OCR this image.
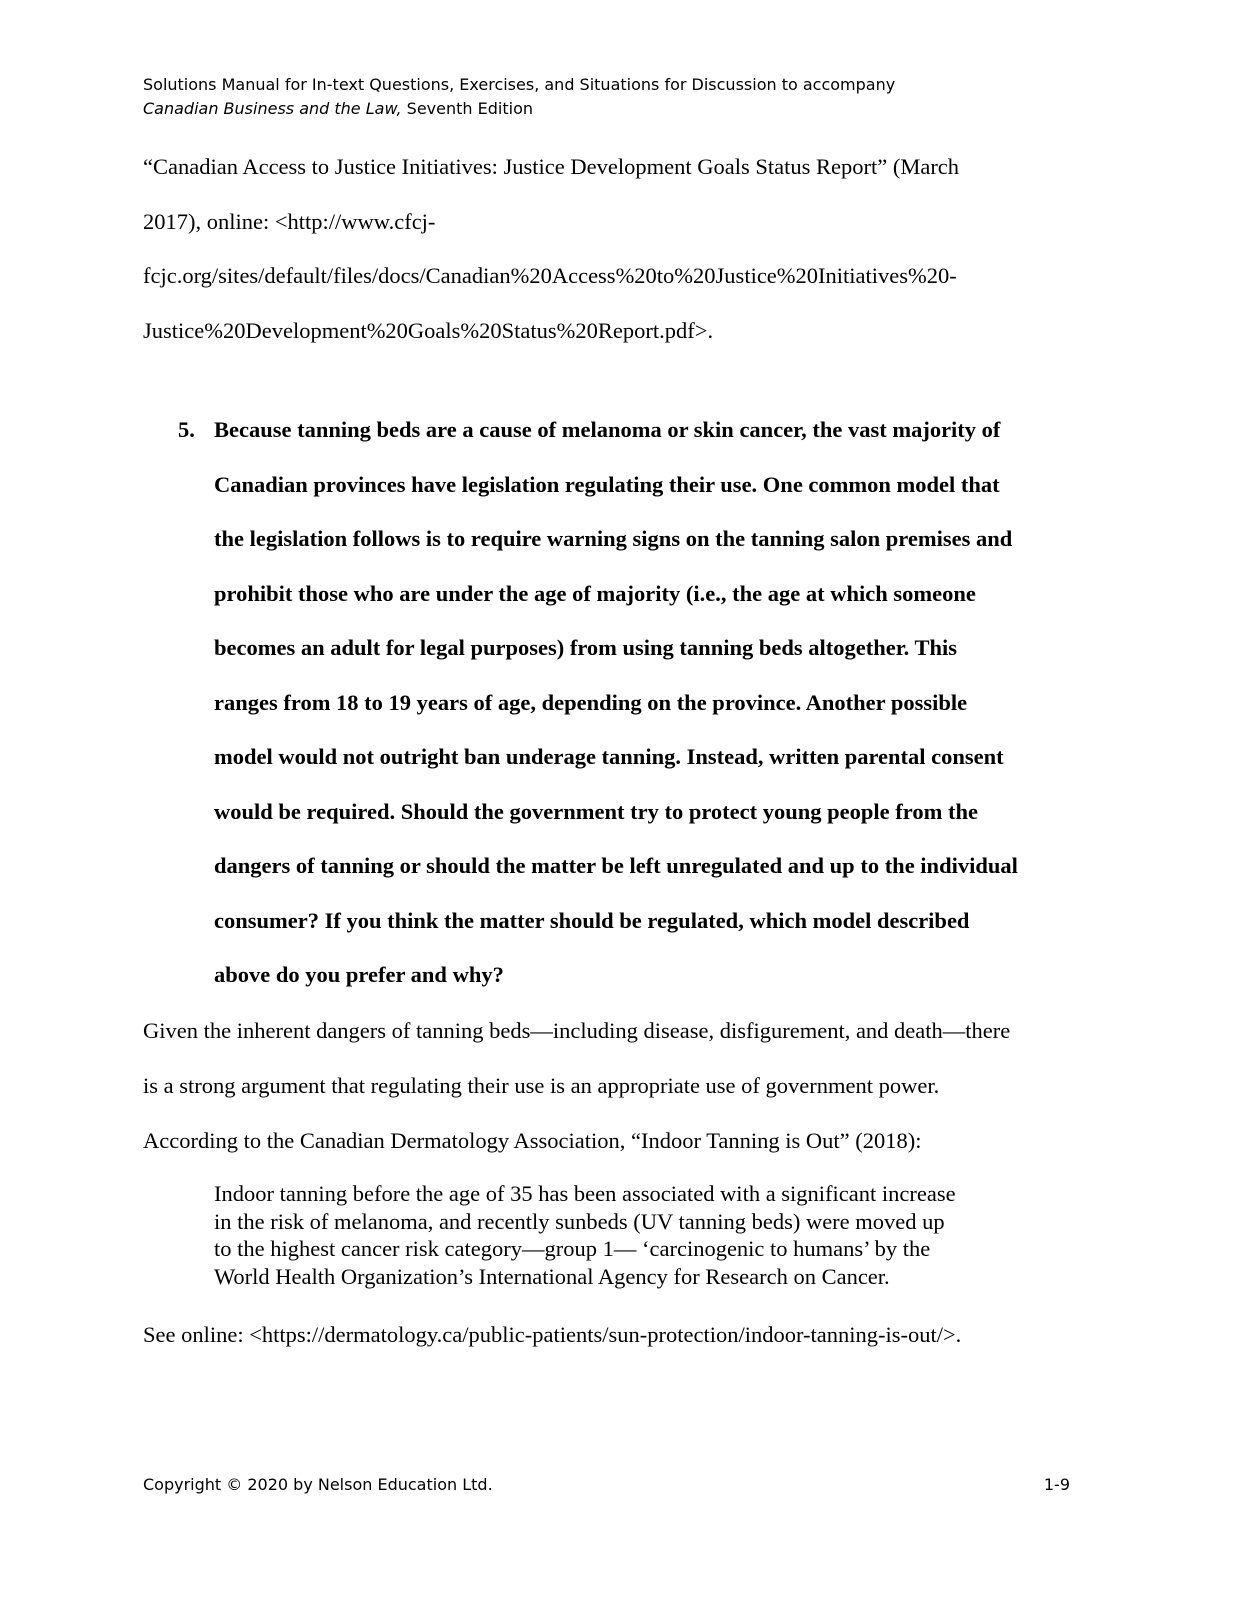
Solutions Manual for In-text Questions, Exercises, and Situations for Discussion to accompany
Canadian Business and the Law, Seventh Edition
“Canadian Access to Justice Initiatives: Justice Development Goals Status Report” (March
2017), online: <http://www.cfcj-
fcjc.org/sites/default/files/docs/Canadian%20Access%20to%20Justice%20Initiatives%20-
Justice%20Development%20Goals%20Status%20Report.pdf>.
5. Because tanning beds are a cause of melanoma or skin cancer, the vast majority of
Canadian provinces have legislation regulating their use. One common model that
the legislation follows is to require warning signs on the tanning salon premises and
prohibit those who are under the age of majority (i.e., the age at which someone
becomes an adult for legal purposes) from using tanning beds altogether. This
ranges from 18 to 19 years of age, depending on the province. Another possible
model would not outright ban underage tanning. Instead, written parental consent
would be required. Should the government try to protect young people from the
dangers of tanning or should the matter be left unregulated and up to the individual
consumer? If you think the matter should be regulated, which model described
above do you prefer and why?
Given the inherent dangers of tanning beds—including disease, disfigurement, and death—there
is a strong argument that regulating their use is an appropriate use of government power.
According to the Canadian Dermatology Association, “Indoor Tanning is Out” (2018):
Indoor tanning before the age of 35 has been associated with a significant increase
in the risk of melanoma, and recently sunbeds (UV tanning beds) were moved up
to the highest cancer risk category—group 1— ‘carcinogenic to humans’ by the
World Health Organization’s International Agency for Research on Cancer.
See online: <https://dermatology.ca/public-patients/sun-protection/indoor-tanning-is-out/>.
Copyright © 2020 by Nelson Education Ltd.	1-9
